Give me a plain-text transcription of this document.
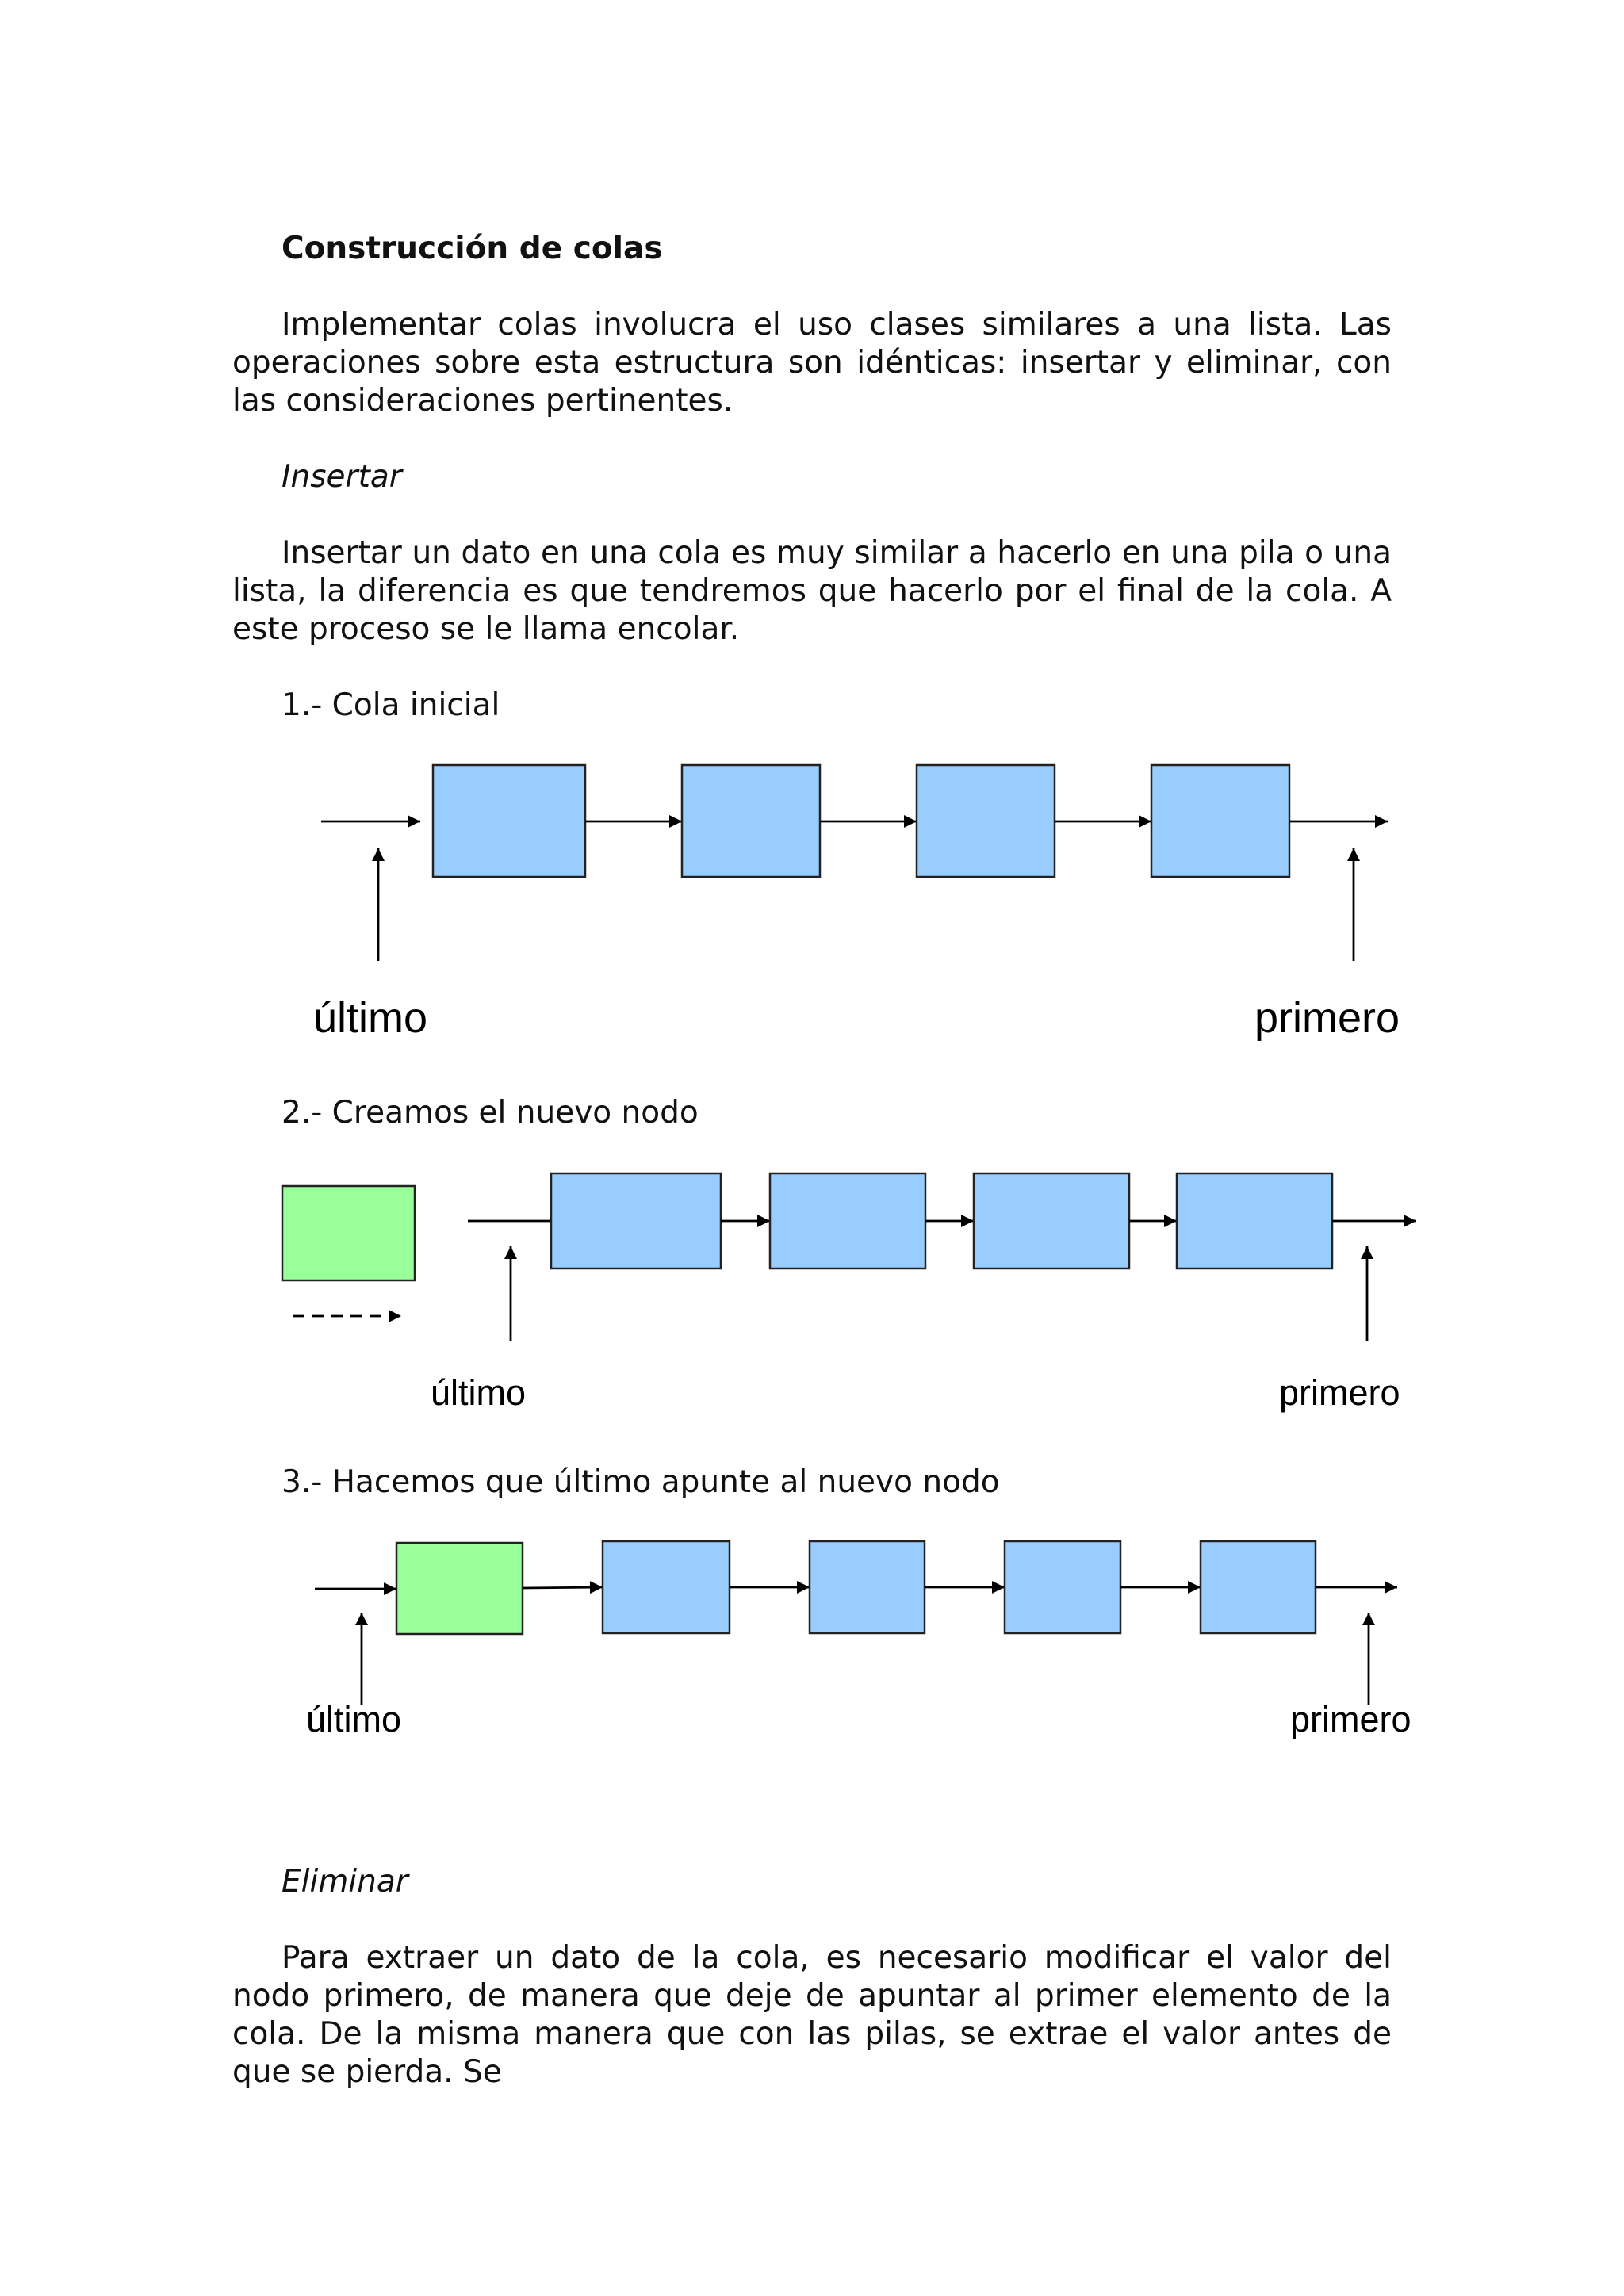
Construcción de colas

Implementar colas involucra el uso clases similares a una lista. Las operaciones sobre esta estructura son idénticas: insertar y eliminar, con las consideraciones pertinentes.

Insertar

Insertar un dato en una cola es muy similar a hacerlo en una pila o una lista, la diferencia es que tendremos que hacerlo por el final de la cola. A este proceso se le llama encolar.

1.- Cola inicial

2.- Creamos el nuevo nodo

3.- Hacemos que último apunte al nuevo nodo

último	primero
último	primero
último	primero

Eliminar

Para extraer un dato de la cola, es necesario modificar el valor del nodo primero, de manera que deje de apuntar al primer elemento de la cola. De la misma manera que con las pilas, se extrae el valor antes de que se pierda. Se
